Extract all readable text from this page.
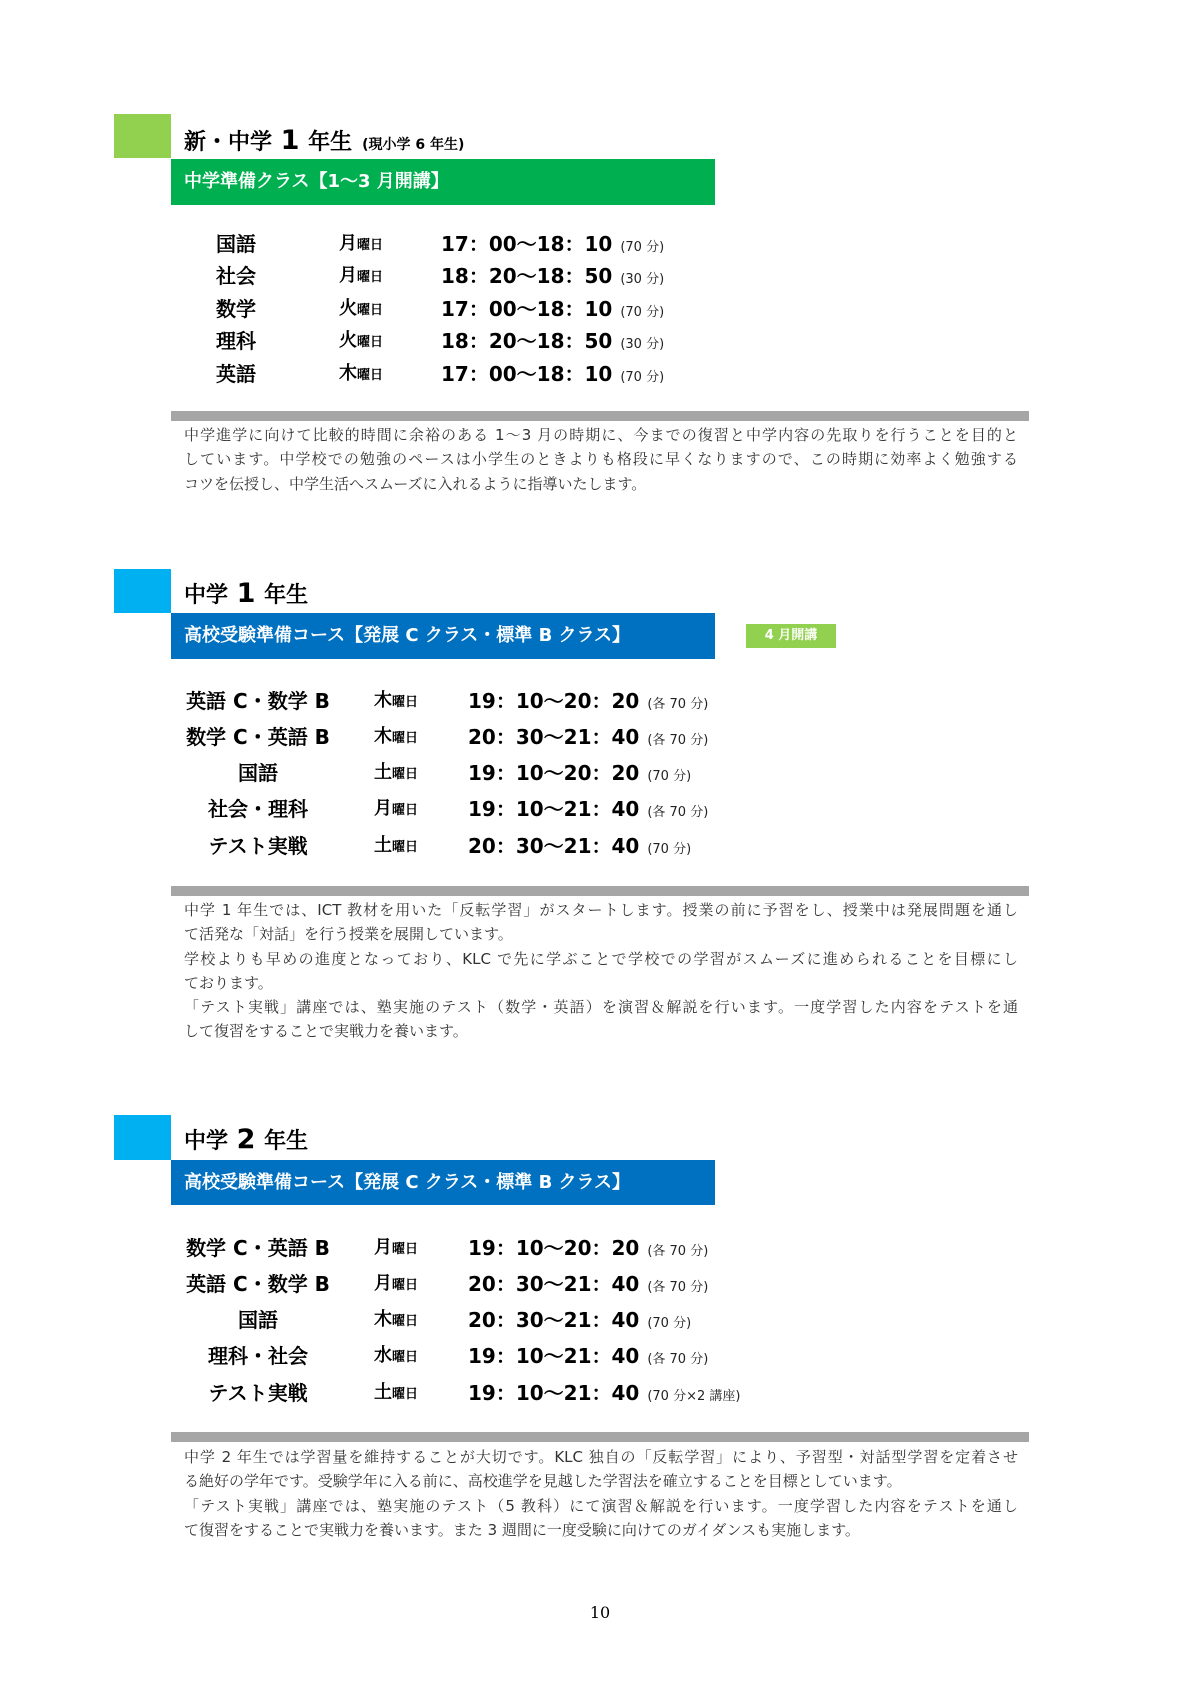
新・中学 1 年生 (現小学 6 年生)
中学準備クラス【1～3 月開講】
国語	月曜日	17：00～18：10 (70 分)
社会	月曜日	18：20～18：50 (30 分)
数学	火曜日	17：00～18：10 (70 分)
理科	火曜日	18：20～18：50 (30 分)
英語	木曜日	17：00～18：10 (70 分)
中学進学に向けて比較的時間に余裕のある 1～3 月の時期に、今までの復習と中学内容の先取りを行うことを目的と
しています。中学校での勉強のペースは小学生のときよりも格段に早くなりますので、この時期に効率よく勉強する
コツを伝授し、中学生活へスムーズに入れるように指導いたします。
中学 1 年生
高校受験準備コース【発展 C クラス・標準 B クラス】	4 月開講
英語 C・数学 B	木曜日 19：10～20：20 (各 70 分)
数学 C・英語 B	木曜日 20：30～21：40 (各 70 分)
国語	土曜日 19：10～20：20 (70 分)
社会・理科	月曜日 19：10～21：40 (各 70 分)
テスト実戦	土曜日 20：30～21：40 (70 分)
中学 1 年生では、ICT 教材を用いた「反転学習」がスタートします。授業の前に予習をし、授業中は発展問題を通し
て活発な「対話」を行う授業を展開しています。
学校よりも早めの進度となっており、KLC で先に学ぶことで学校での学習がスムーズに進められることを目標にし
ております。
「テスト実戦」講座では、塾実施のテスト（数学・英語）を演習＆解説を行います。一度学習した内容をテストを通
して復習をすることで実戦力を養います。
中学 2 年生
高校受験準備コース【発展 C クラス・標準 B クラス】
数学 C・英語 B	月曜日 19：10～20：20 (各 70 分)
英語 C・数学 B	月曜日 20：30～21：40 (各 70 分)
国語	木曜日 20：30～21：40 (70 分)
理科・社会	水曜日 19：10～21：40 (各 70 分)
テスト実戦	土曜日 19：10～21：40 (70 分×2 講座)
中学 2 年生では学習量を維持することが大切です。KLC 独自の「反転学習」により、予習型・対話型学習を定着させ
る絶好の学年です。受験学年に入る前に、高校進学を見越した学習法を確立することを目標としています。
「テスト実戦」講座では、塾実施のテスト（5 教科）にて演習＆解説を行います。一度学習した内容をテストを通し
て復習をすることで実戦力を養います。また 3 週間に一度受験に向けてのガイダンスも実施します。
10
